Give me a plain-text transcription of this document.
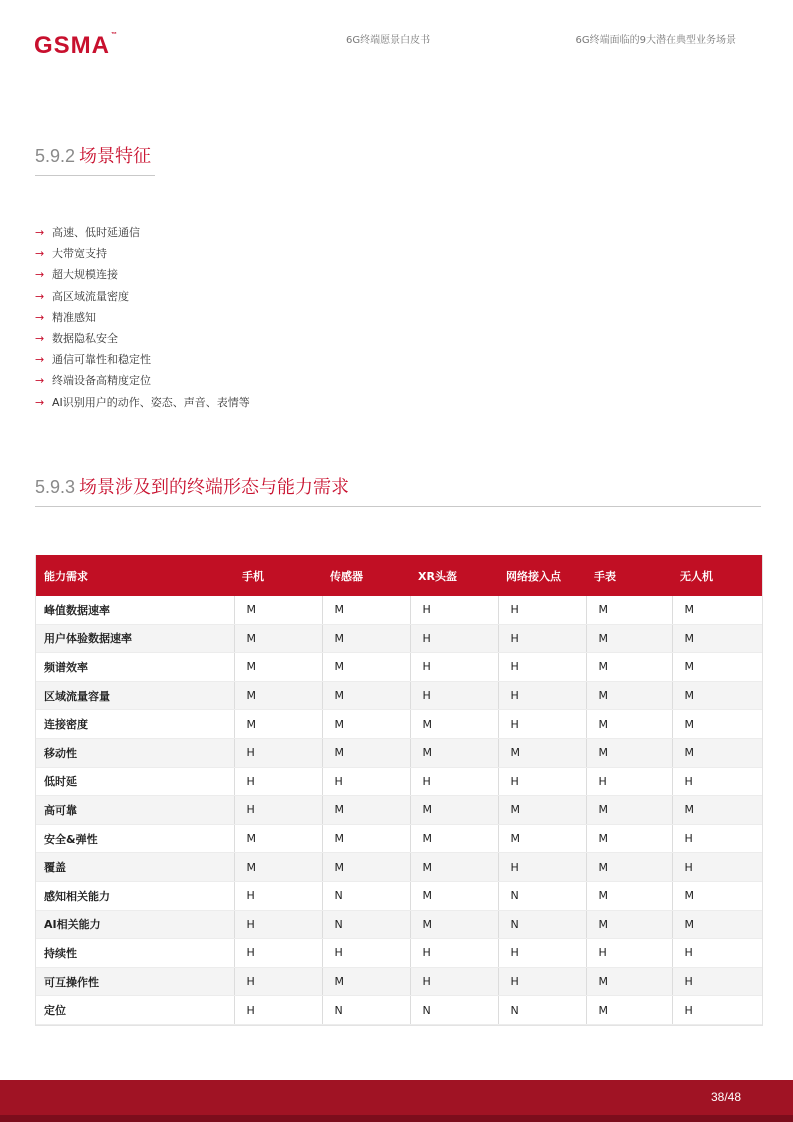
GSMA™	6G终端愿景白皮书	6G终端面临的9大潜在典型业务场景
5.9.2 场景特征
→ 高速、低时延通信
→ 大带宽支持
→ 超大规模连接
→ 高区域流量密度
→ 精准感知
→ 数据隐私安全
→ 通信可靠性和稳定性
→ 终端设备高精度定位
→ AI识别用户的动作、姿态、声音、表情等
5.9.3 场景涉及到的终端形态与能力需求
能力需求	手机	传感器	XR头盔	网络接入点	手表	无人机
峰值数据速率	M	M	H	H	M	M
用户体验数据速率	M	M	H	H	M	M
频谱效率	M	M	H	H	M	M
区域流量容量	M	M	H	H	M	M
连接密度	M	M	M	H	M	M
移动性	H	M	M	M	M	M
低时延	H	H	H	H	H	H
高可靠	H	M	M	M	M	M
安全&弹性	M	M	M	M	M	H
覆盖	M	M	M	H	M	H
感知相关能力	H	N	M	N	M	M
AI相关能力	H	N	M	N	M	M
持续性	H	H	H	H	H	H
可互操作性	H	M	H	H	M	H
定位	H	N	N	N	M	H
38/48
